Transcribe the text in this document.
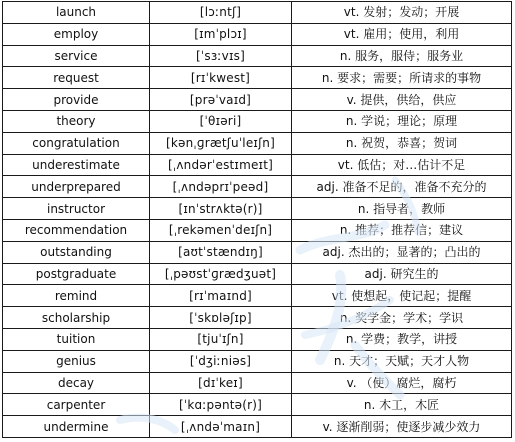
launch	[lɔːntʃ]	vt. 发射；发动；开展
employ	[ɪmˈplɔɪ]	vt. 雇用；使用，利用
service	[ˈsɜːvɪs]	n. 服务，服侍；服务业
request	[rɪˈkwest]	n. 要求；需要；所请求的事物
provide	[prəˈvaɪd]	v. 提供，供给，供应
theory	[ˈθɪəri]	n. 学说；理论；原理
congratulation	[kənˌɡrætʃuˈleɪʃn]	n. 祝贺，恭喜；贺词
underestimate	[ˌʌndərˈestɪmeɪt]	vt. 低估；对…估计不足
underprepared	[ˌʌndəprɪˈpeəd]	adj. 准备不足的，准备不充分的
instructor	[ɪnˈstrʌktə(r)]	n. 指导者，教师
recommendation	[ˌrekəmenˈdeɪʃn]	n. 推荐；推荐信；建议
outstanding	[aʊtˈstændɪŋ]	adj. 杰出的；显著的；凸出的
postgraduate	[ˌpəʊstˈɡrædʒuət]	adj. 研究生的
remind	[rɪˈmaɪnd]	vt. 使想起，使记起；提醒
scholarship	[ˈskɒləʃɪp]	n. 奖学金；学术；学识
tuition	[tjuˈɪʃn]	n. 学费；教学，讲授
genius	[ˈdʒiːniəs]	n. 天才；天赋；天才人物
decay	[dɪˈkeɪ]	v. （使）腐烂，腐朽
carpenter	[ˈkɑːpəntə(r)]	n. 木工，木匠
undermine	[ˌʌndəˈmaɪn]	v. 逐渐削弱；使逐步减少效力
